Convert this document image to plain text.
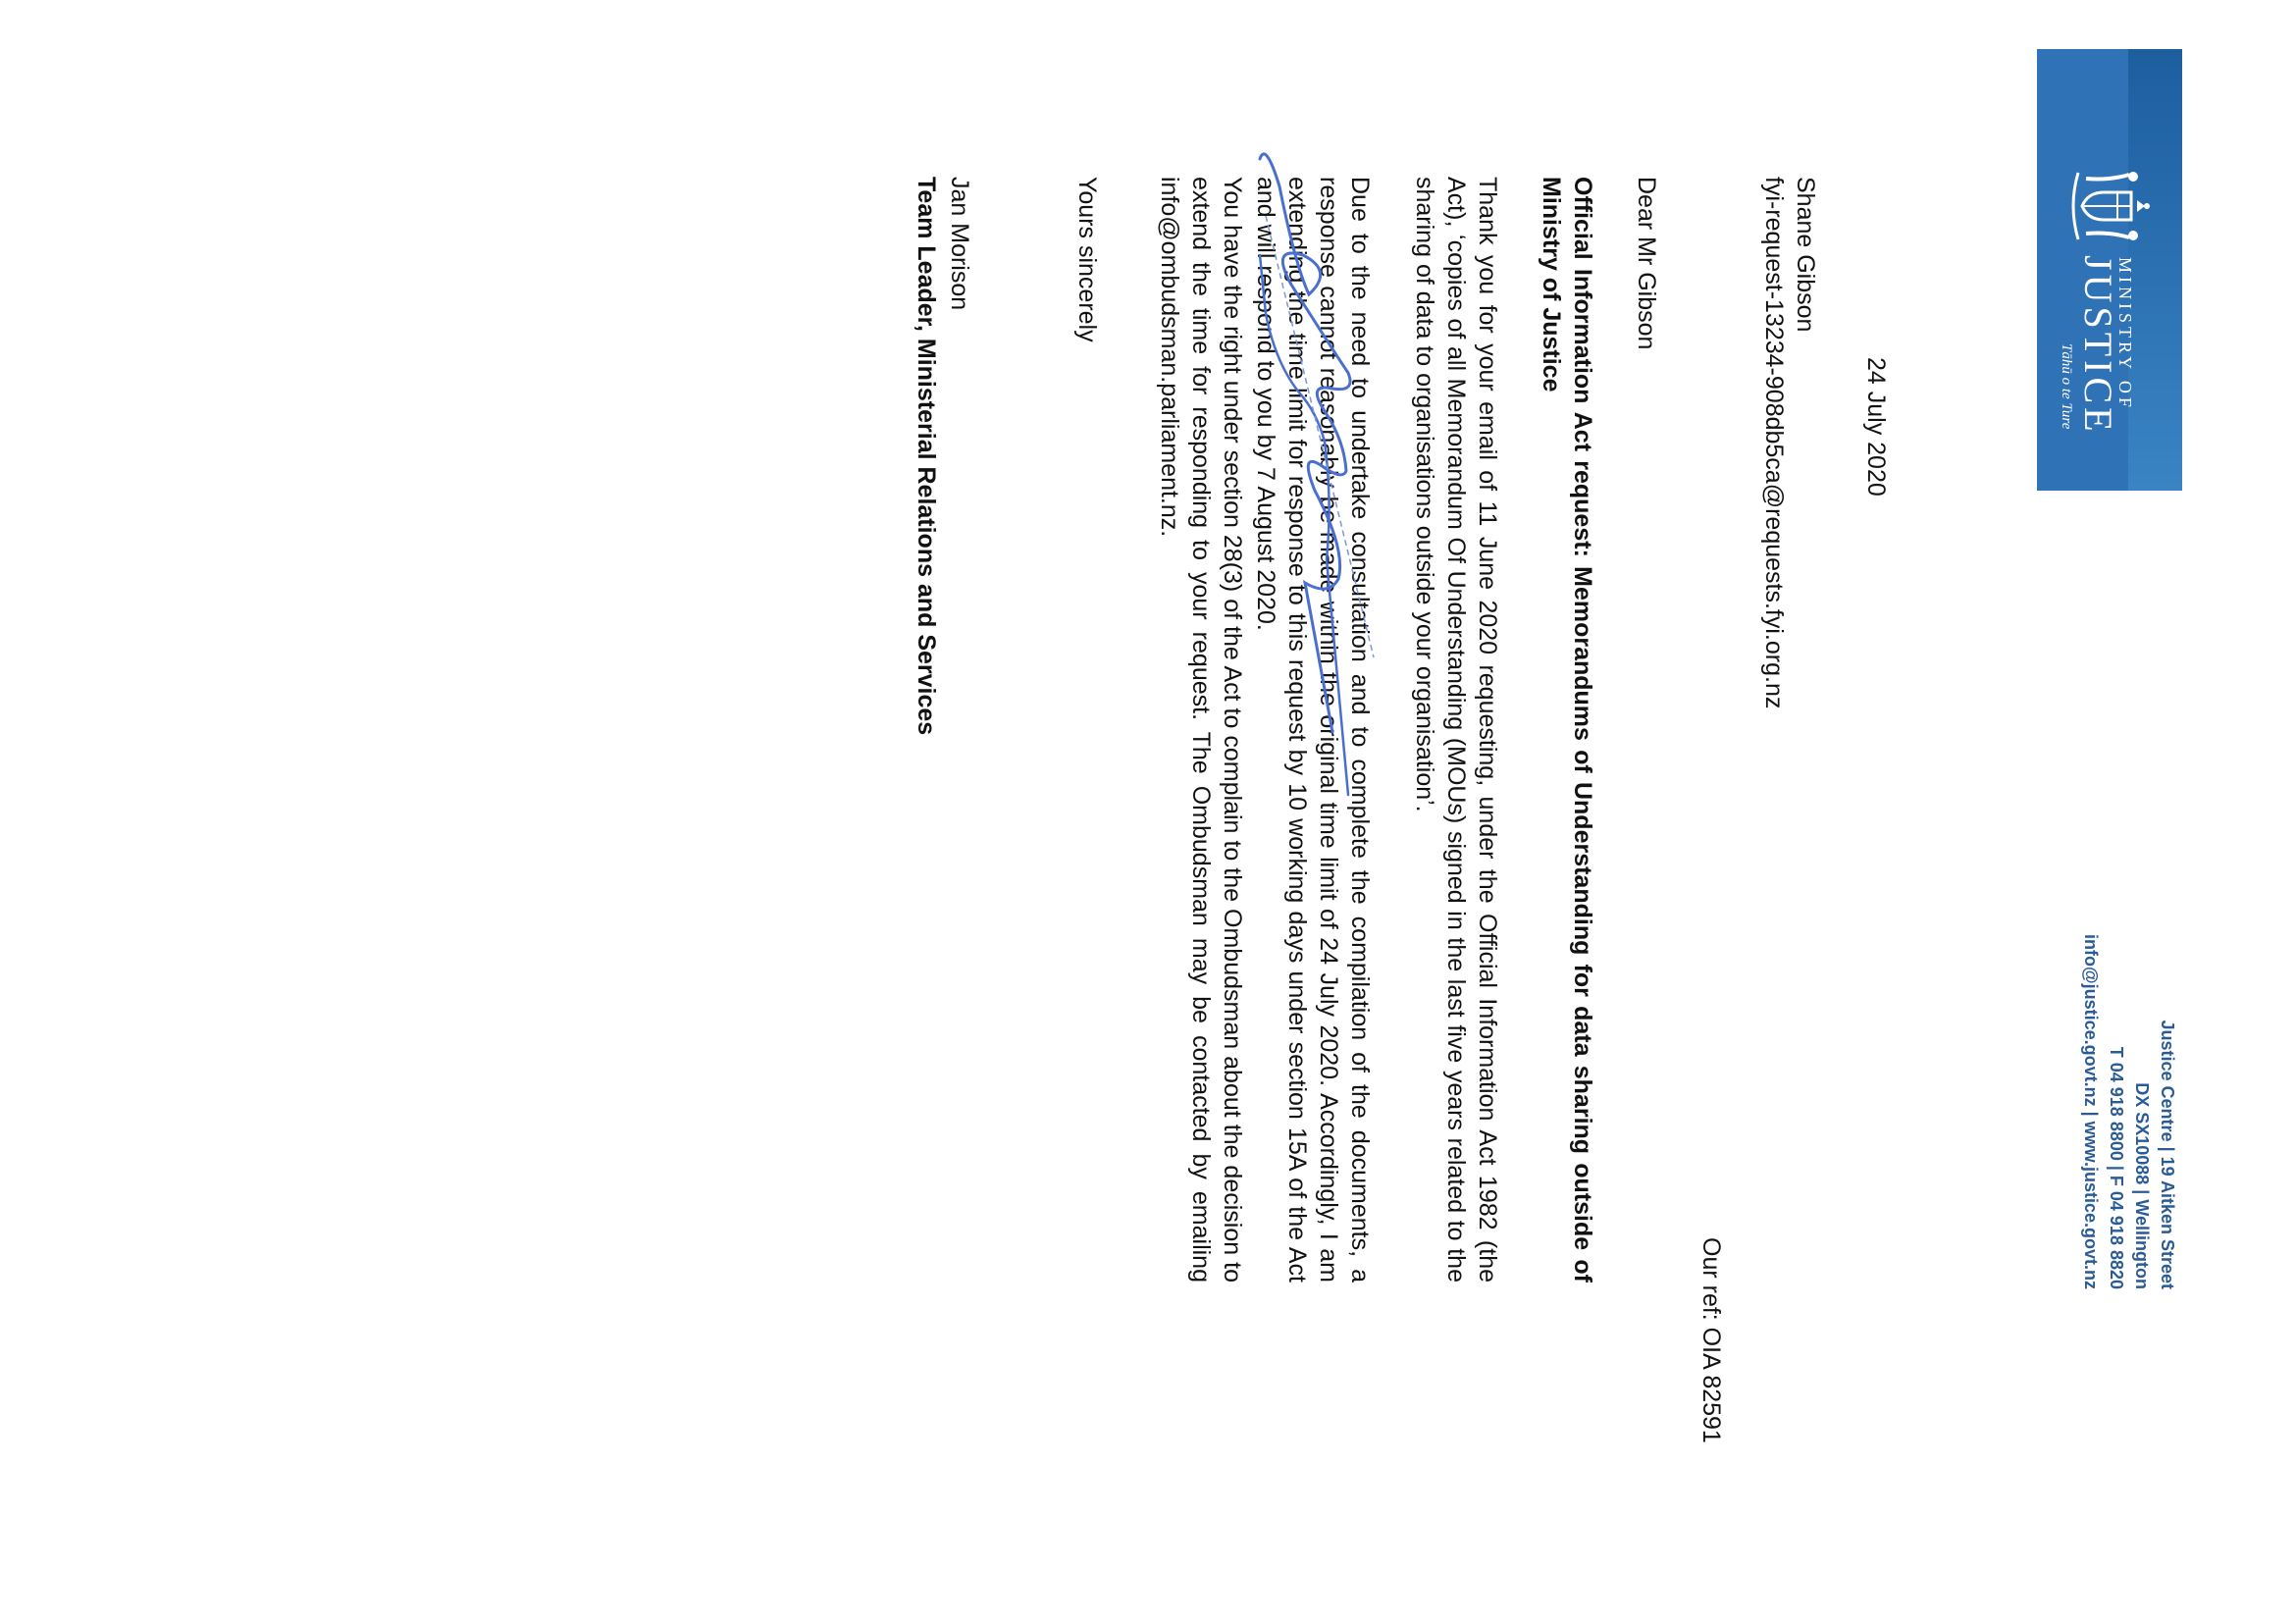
MINISTRY OF
JUSTICE
Tāhū o te Ture
Justice Centre | 19 Aitken Street
DX SX10088 | Wellington
T 04 918 8800 | F 04 918 8820
info@justice.govt.nz | www.justice.govt.nz
24 July 2020
Shane Gibson
fyi-request-13234-908db5ca@requests.fyi.org.nz
Our ref: OIA 82591
Dear Mr Gibson
Official Information Act request: Memorandums of Understanding for data sharing outside of Ministry of Justice
Thank you for your email of 11 June 2020 requesting, under the Official Information Act 1982 (the Act), ‘copies of all Memorandum Of Understanding (MOUs) signed in the last five years related to the sharing of data to organisations outside your organisation’.
Due to the need to undertake consultation and to complete the compilation of the documents, a response cannot reasonably be made within the original time limit of 24 July 2020. Accordingly, I am extending the time limit for response to this request by 10 working days under section 15A of the Act and will respond to you by 7 August 2020.
You have the right under section 28(3) of the Act to complain to the Ombudsman about the decision to extend the time for responding to your request. The Ombudsman may be contacted by emailing info@ombudsman.parliament.nz.
Yours sincerely
Jan Morison
Team Leader, Ministerial Relations and Services
